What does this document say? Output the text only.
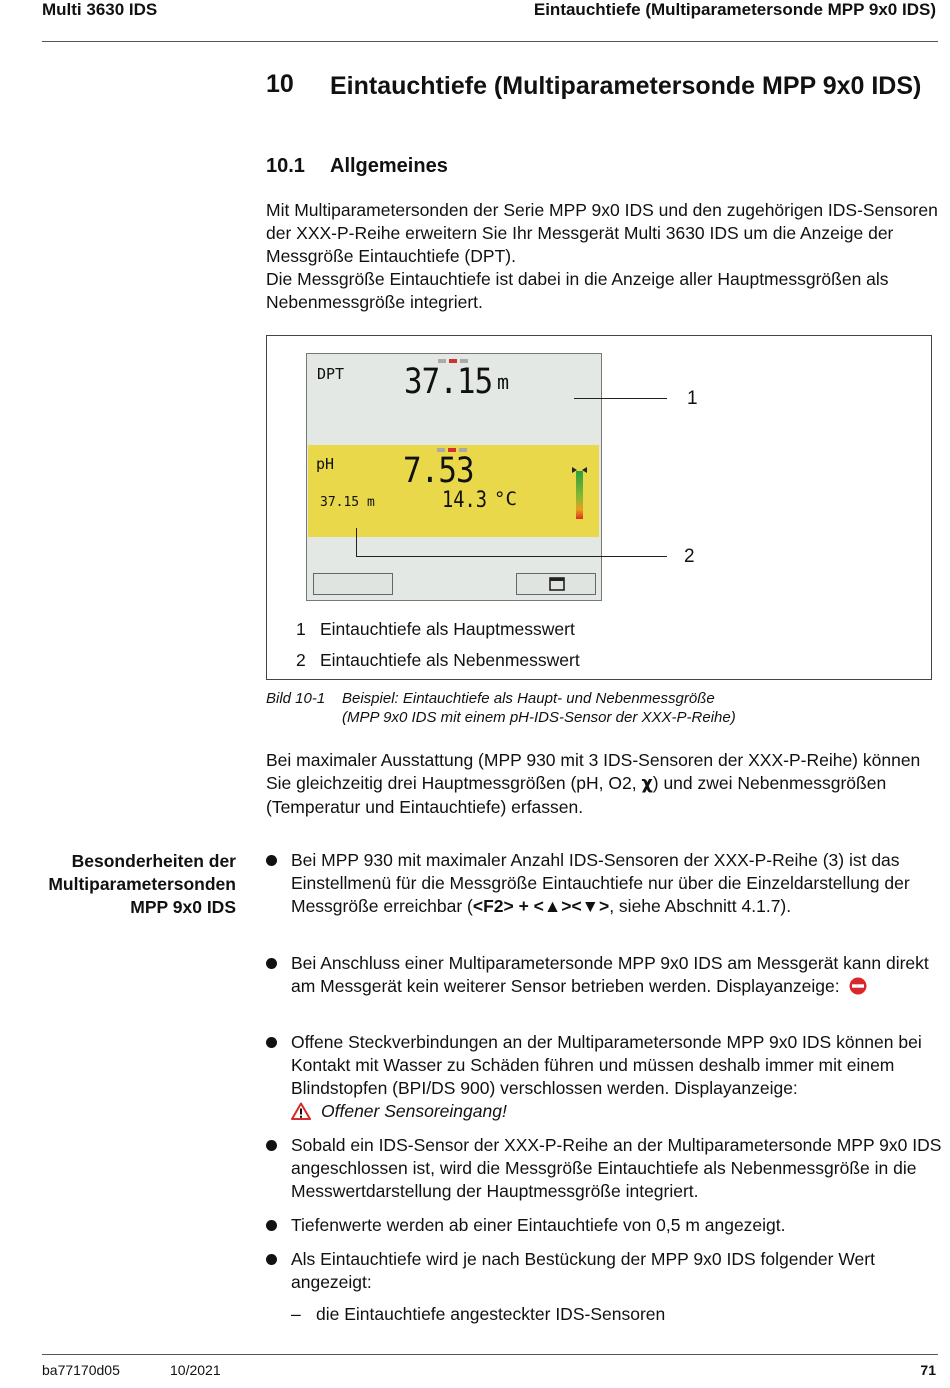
Multi 3630 IDS	Eintauchtiefe (Multiparametersonde MPP 9x0 IDS)
10 Eintauchtiefe (Multiparametersonde MPP 9x0 IDS)
10.1 Allgemeines

Mit Multiparametersonden der Serie MPP 9x0 IDS und den zugehörigen IDS-Sensoren der XXX-P-Reihe erweitern Sie Ihr Messgerät Multi 3630 IDS um die Anzeige der Messgröße Eintauchtiefe (DPT).

Die Messgröße Eintauchtiefe ist dabei in die Anzeige aller Hauptmessgrößen als Nebenmessgröße integriert.

DPT 37.15 m
pH 7.53
37.15 m	14.3 °C
1
2
1 Eintauchtiefe als Hauptmesswert
2 Eintauchtiefe als Nebenmesswert
Bild 10-1 Beispiel: Eintauchtiefe als Haupt- und Nebenmessgröße
(MPP 9x0 IDS mit einem pH-IDS-Sensor der XXX-P-Reihe)
Bei maximaler Ausstattung (MPP 930 mit 3 IDS-Sensoren der XXX-P-Reihe) können Sie gleichzeitig drei Hauptmessgrößen (pH, O2, χ) und zwei Nebenmessgrößen (Temperatur und Eintauchtiefe) erfassen.
Besonderheiten der Multiparametersonden MPP 9x0 IDS
Bei MPP 930 mit maximaler Anzahl IDS-Sensoren der XXX-P-Reihe (3) ist das Einstellmenü für die Messgröße Eintauchtiefe nur über die Einzeldarstellung der Messgröße erreichbar (<F2> + <▲><▼>, siehe Abschnitt 4.1.7).
Bei Anschluss einer Multiparametersonde MPP 9x0 IDS am Messgerät kann direkt am Messgerät kein weiterer Sensor betrieben werden. Displayanzeige:
Offene Steckverbindungen an der Multiparametersonde MPP 9x0 IDS können bei Kontakt mit Wasser zu Schäden führen und müssen deshalb immer mit einem Blindstopfen (BPI/DS 900) verschlossen werden. Displayanzeige:
Offener Sensoreingang!
Sobald ein IDS-Sensor der XXX-P-Reihe an der Multiparametersonde MPP 9x0 IDS angeschlossen ist, wird die Messgröße Eintauchtiefe als Nebenmessgröße in die Messwertdarstellung der Hauptmessgröße integriert.
Tiefenwerte werden ab einer Eintauchtiefe von 0,5 m angezeigt.
Als Eintauchtiefe wird je nach Bestückung der MPP 9x0 IDS folgender Wert angezeigt:
– die Eintauchtiefe angesteckter IDS-Sensoren
ba77170d05	10/2021	71
